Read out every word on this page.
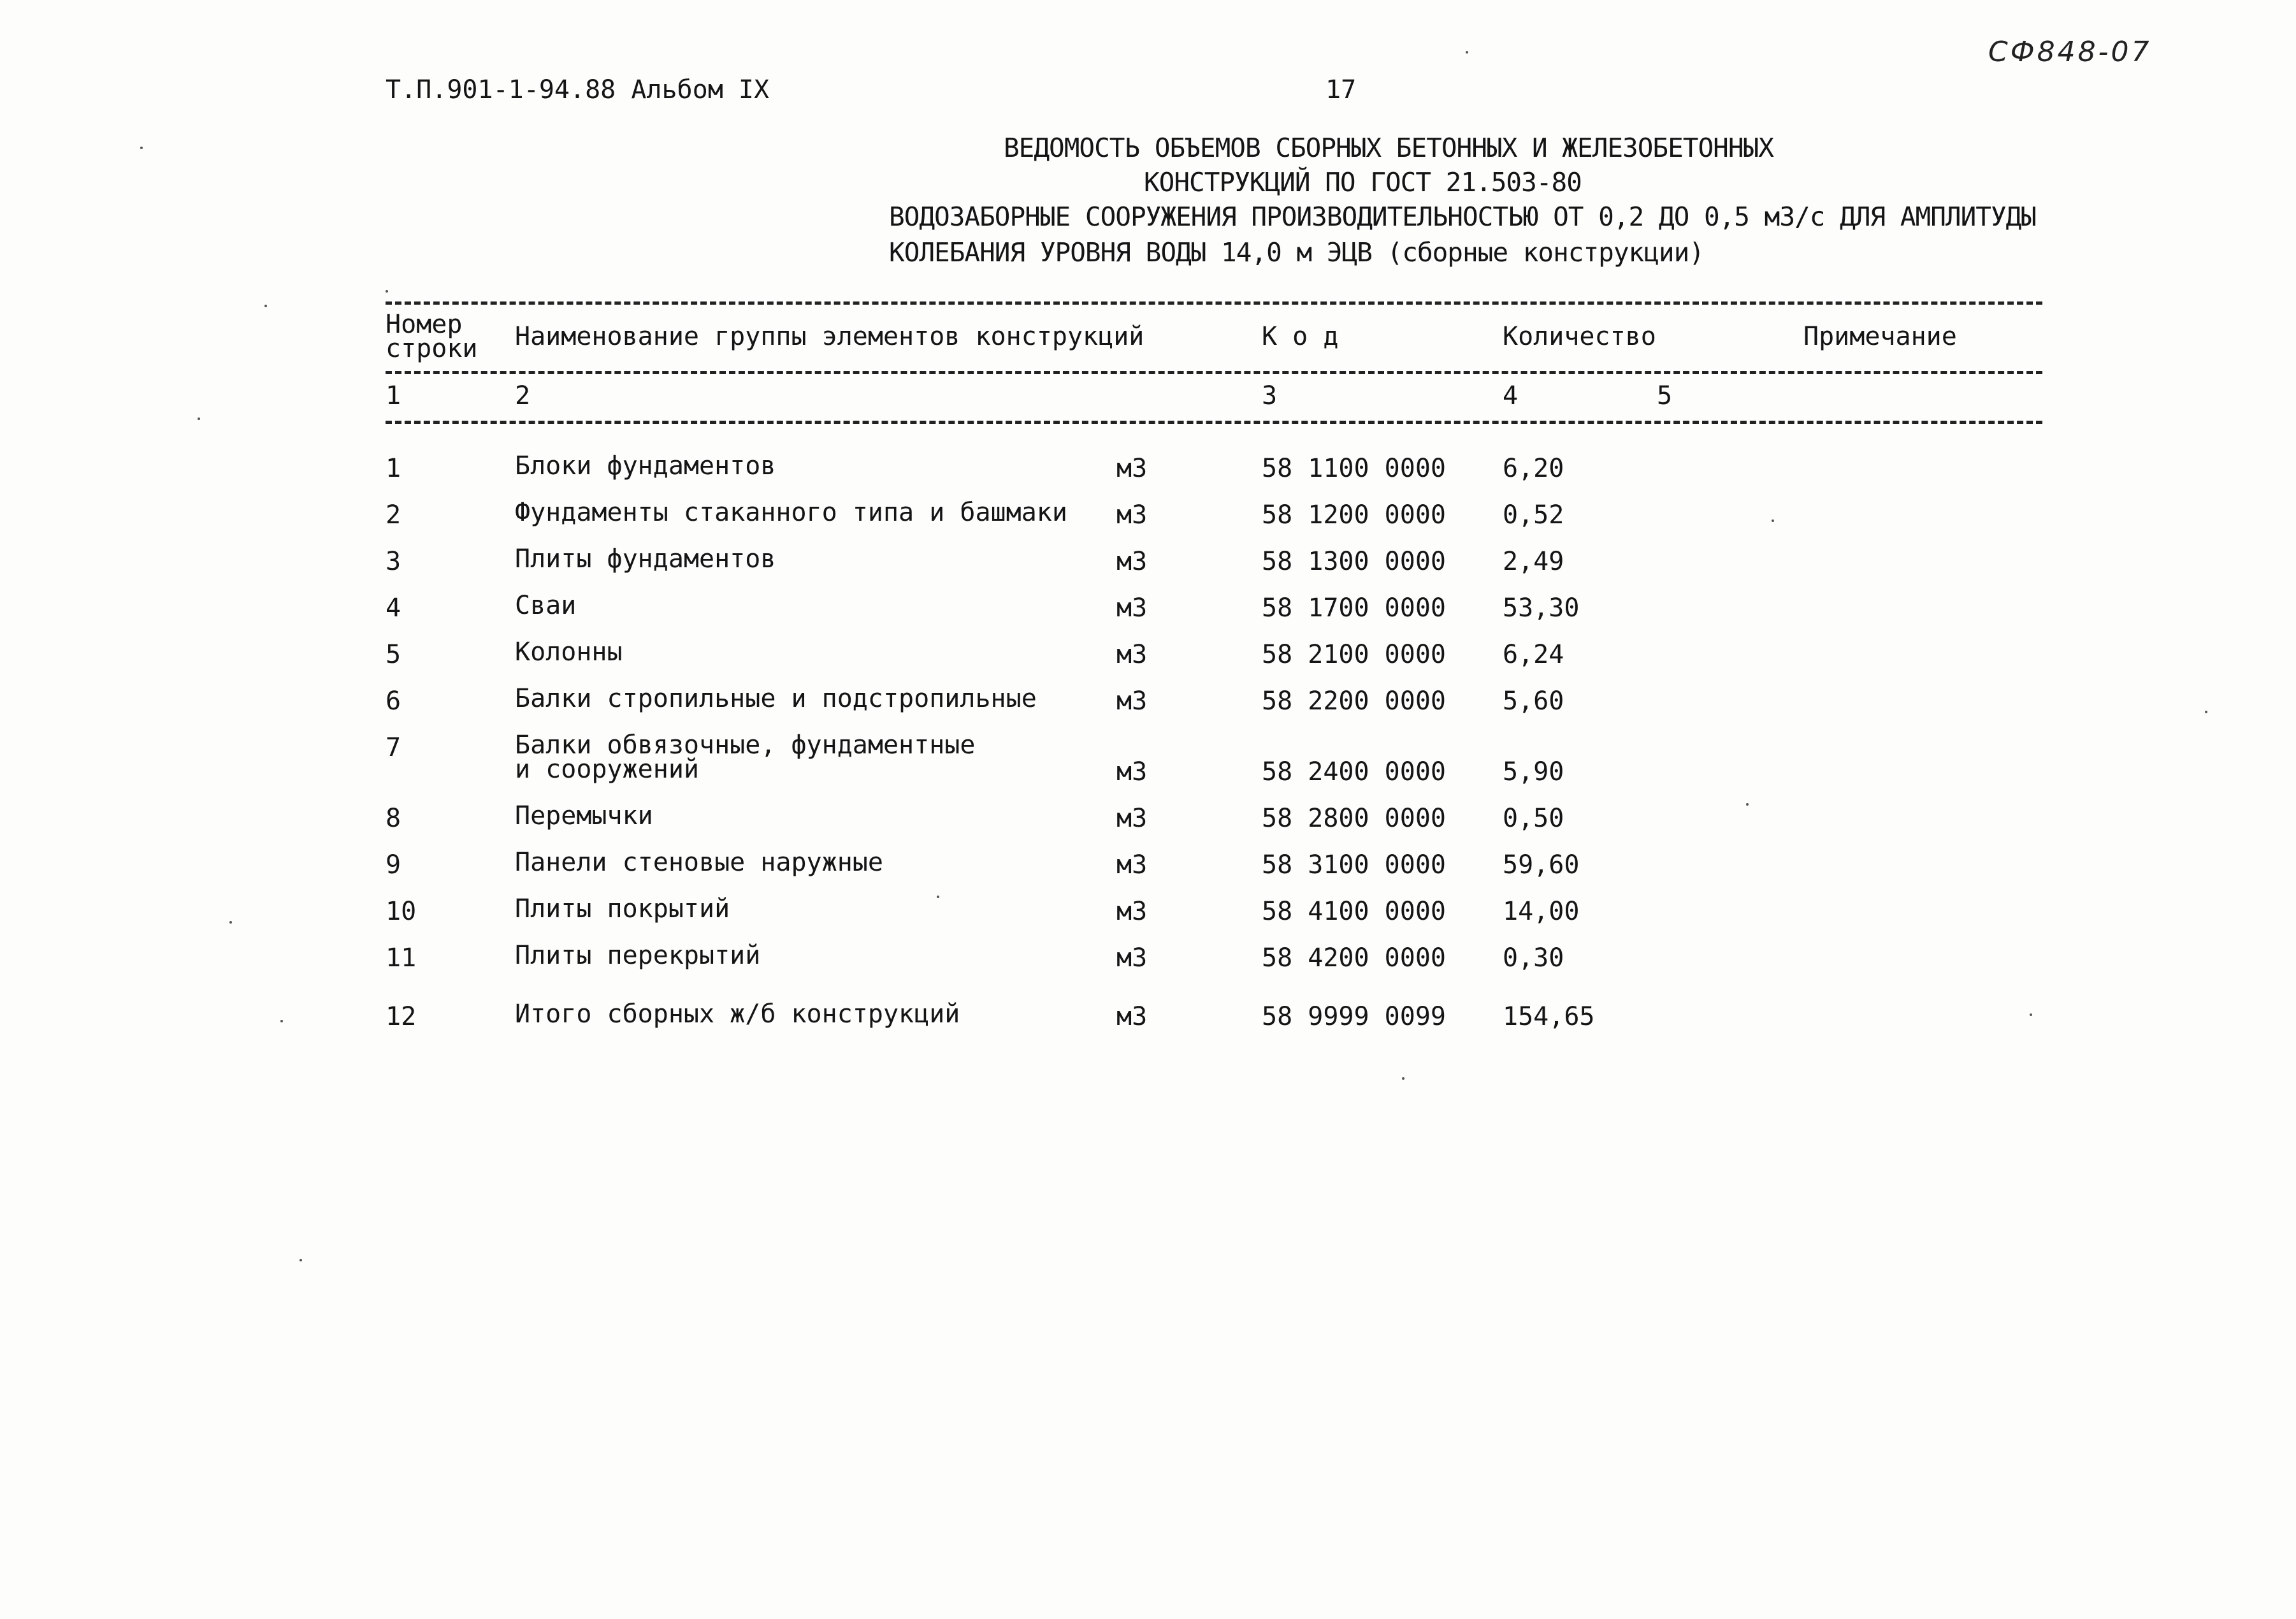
Т.П.901-1-94.88 Альбом IX	17
СФ848-07
ВЕДОМОСТЬ ОБЪЕМОВ СБОРНЫХ БЕТОННЫХ И ЖЕЛЕЗОБЕТОННЫХ
КОНСТРУКЦИЙ ПО ГОСТ 21.503-80
ВОДОЗАБОРНЫЕ СООРУЖЕНИЯ ПРОИЗВОДИТЕЛЬНОСТЬЮ ОТ 0,2 ДО 0,5 м3/с ДЛЯ АМПЛИТУДЫ
КОЛЕБАНИЯ УРОВНЯ ВОДЫ 14,0 м ЭЦВ (сборные конструкции)
Номер строки Наименование группы элементов конструкций	К о д	Количество	Примечание
1	2	3	4	5
1	Блоки фундаментов	м3	58 1100 0000 6,20
2	Фундаменты стаканного типа и башмаки м3	58 1200 0000 0,52
3	Плиты фундаментов	м3	58 1300 0000 2,49
4	Сваи	м3	58 1700 0000 53,30
5	Колонны	м3	58 2100 0000 6,24
6	Балки стропильные и подстропильные	м3	58 2200 0000 5,60
7	Балки обвязочные, фундаментные
и сооружений	м3	58 2400 0000 5,90
8	Перемычки	м3	58 2800 0000 0,50
9	Панели стеновые наружные	м3	58 3100 0000 59,60
10	Плиты покрытий	м3	58 4100 0000 14,00
11	Плиты перекрытий	м3	58 4200 0000 0,30
12	Итого сборных ж/б конструкций	м3	58 9999 0099 154,65
